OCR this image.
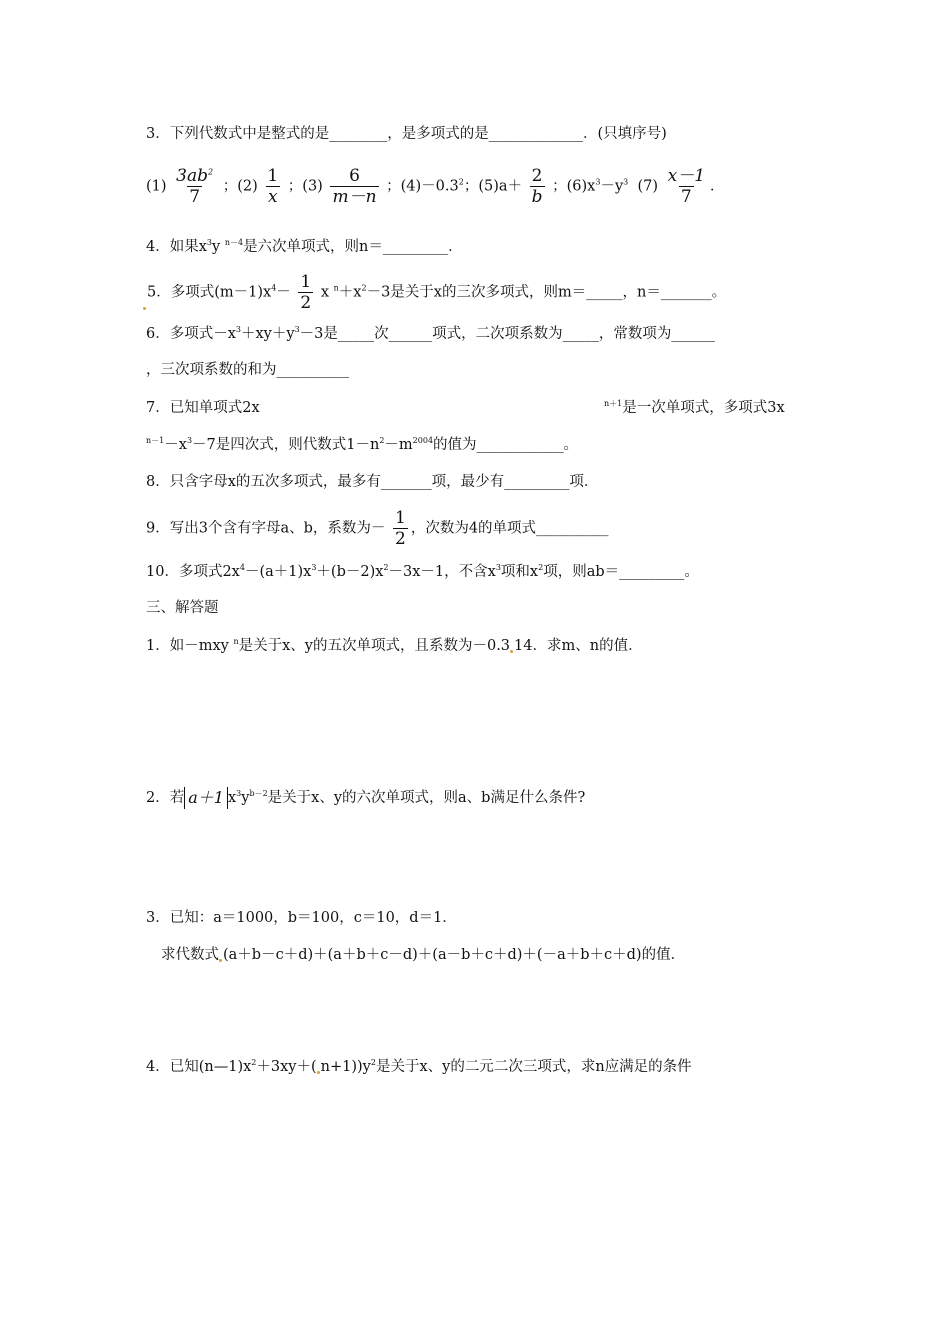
3．下列代数式中是整式的是________，是多项式的是_____________．(只填序号)
$(1) \frac{3ab^2}{7}$ ；$(2) \frac{1}{x}$ ；$(3) \frac{6}{m-n}$ ；$(4)-0.3^2$；$(5)a+ \frac{2}{b}$ ；$(6)x^3-y^3$ $(7) \frac{x-1}{7}$ ．
4．如果$x^3y$ $^{n-4}$是六次单项式，则n＝_________．
5．多项式$(m-1)x^4- \frac{1}{2}$ x $^n+x^2-3$是关于x的三次多项式，则m＝_____，n＝_______。
6．多项式$-x^3+xy+y^3-3$是_____次______项式，二次项系数为_____，常数项为______
，三次项系数的和为__________
7．已知单项式2x	$^{n+1}$是一次单项式，多项式3x
$^{n-1}-x^3-7$是四次式，则代数式$1-n^2-m^{2004}$的值为____________。
8．只含字母x的五次多项式，最多有_______项，最少有_________项．
9．写出3个含有字母a、b，系数为－ $\frac{1}{2}$ ，次数为4的单项式__________
10．多项式$2x^4-(a+1)x^3+(b-2)x^2-3x-1$，不含$x^3$项和$x^2$项，则ab＝_________。
三、解答题
1．如－mxy $^n$是关于x、y的五次单项式，且系数为－0.3 14．求m、n的值．
2．若 a＋1 $x^3y^{b-2}$是关于x、y的六次单项式，则a、b满足什么条件?
3．已知：a＝1000，b＝100，c＝10，d＝1．
求代数式 (a＋b－c＋d)＋(a＋b＋c－d)＋(a－b＋c＋d)＋(－a＋b＋c＋d)的值．
4．已知$(n—1)x^2+3xy+$( $n+1))y^2$是关于x、y的二元二次三项式，求n应满足的条件
